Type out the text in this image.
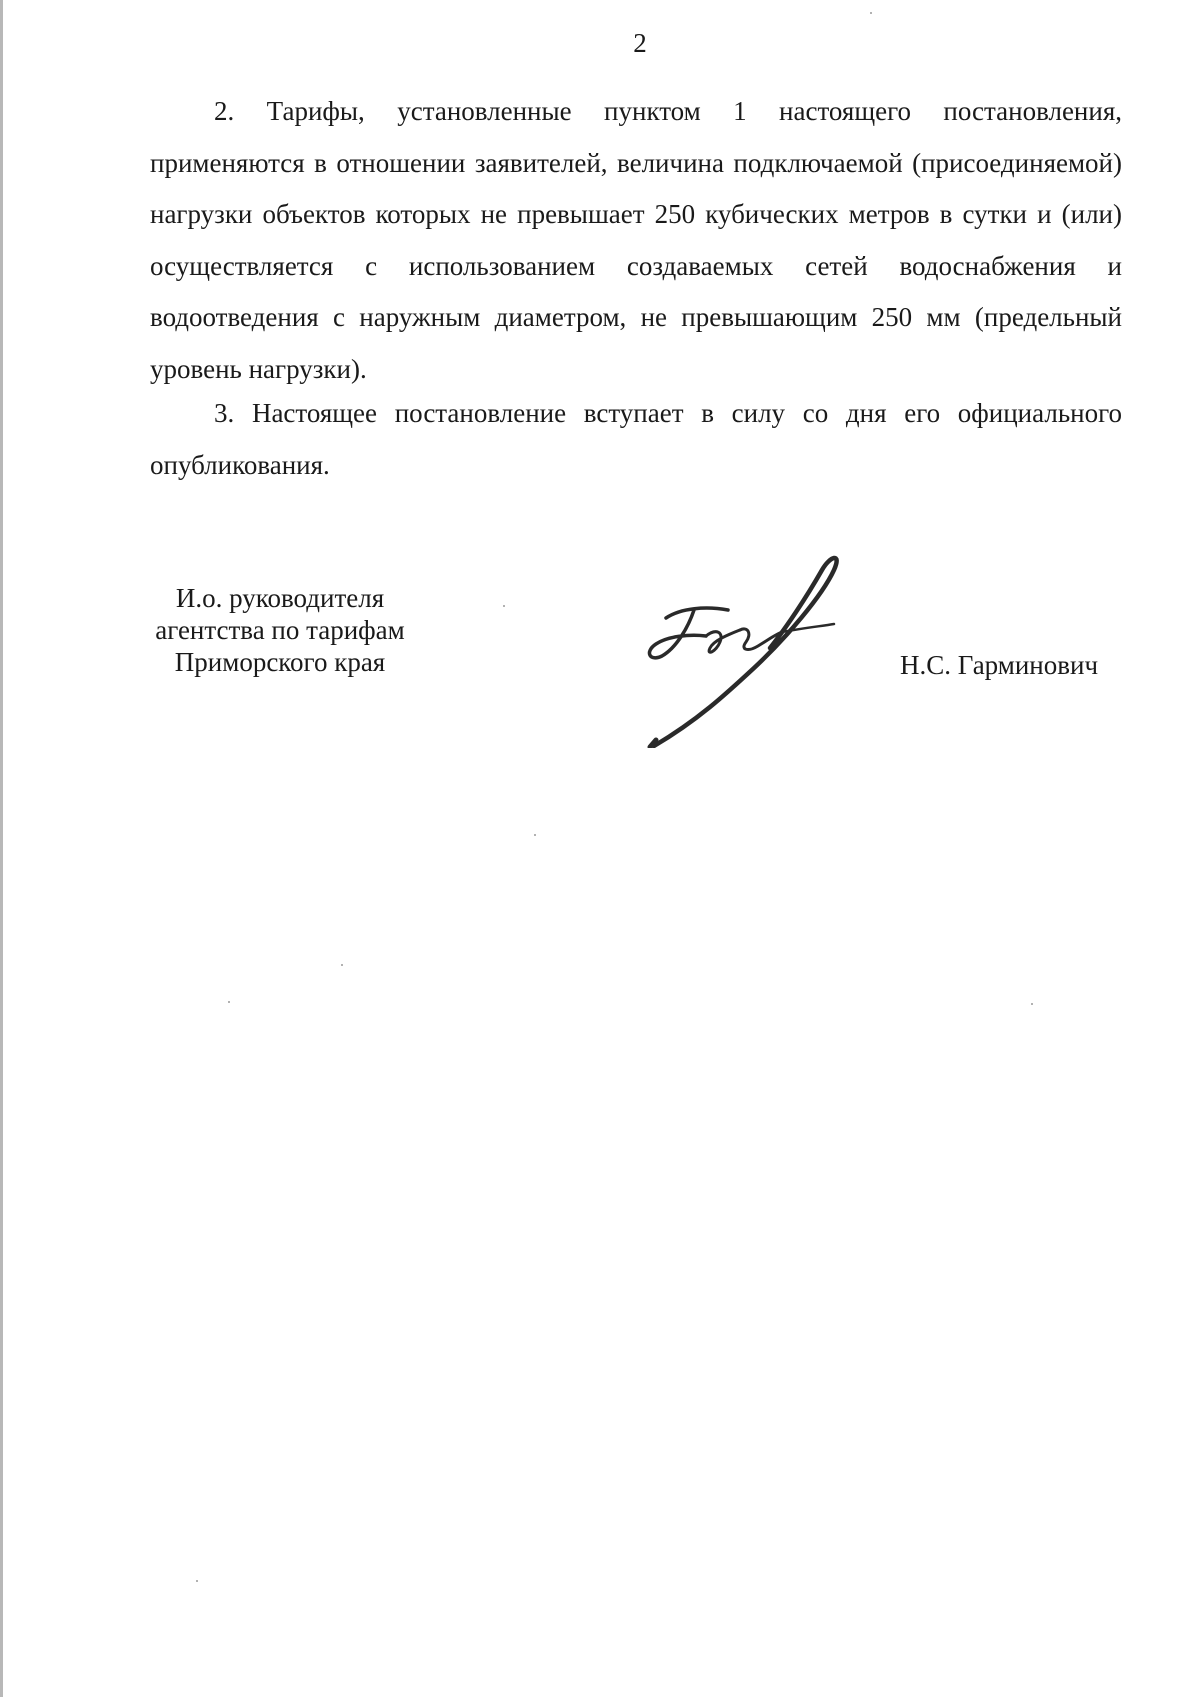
2

2. Тарифы, установленные пунктом 1 настоящего постановления, применяются в отношении заявителей, величина подключаемой (присоединяемой) нагрузки объектов которых не превышает 250 кубических метров в сутки и (или) осуществляется с использованием создаваемых сетей водоснабжения и водоотведения с наружным диаметром, не превышающим 250 мм (предельный уровень нагрузки).

3. Настоящее постановление вступает в силу со дня его официального опубликования.

И.о. руководителя
агентства по тарифам
Приморского края	Н.С. Гарминович
